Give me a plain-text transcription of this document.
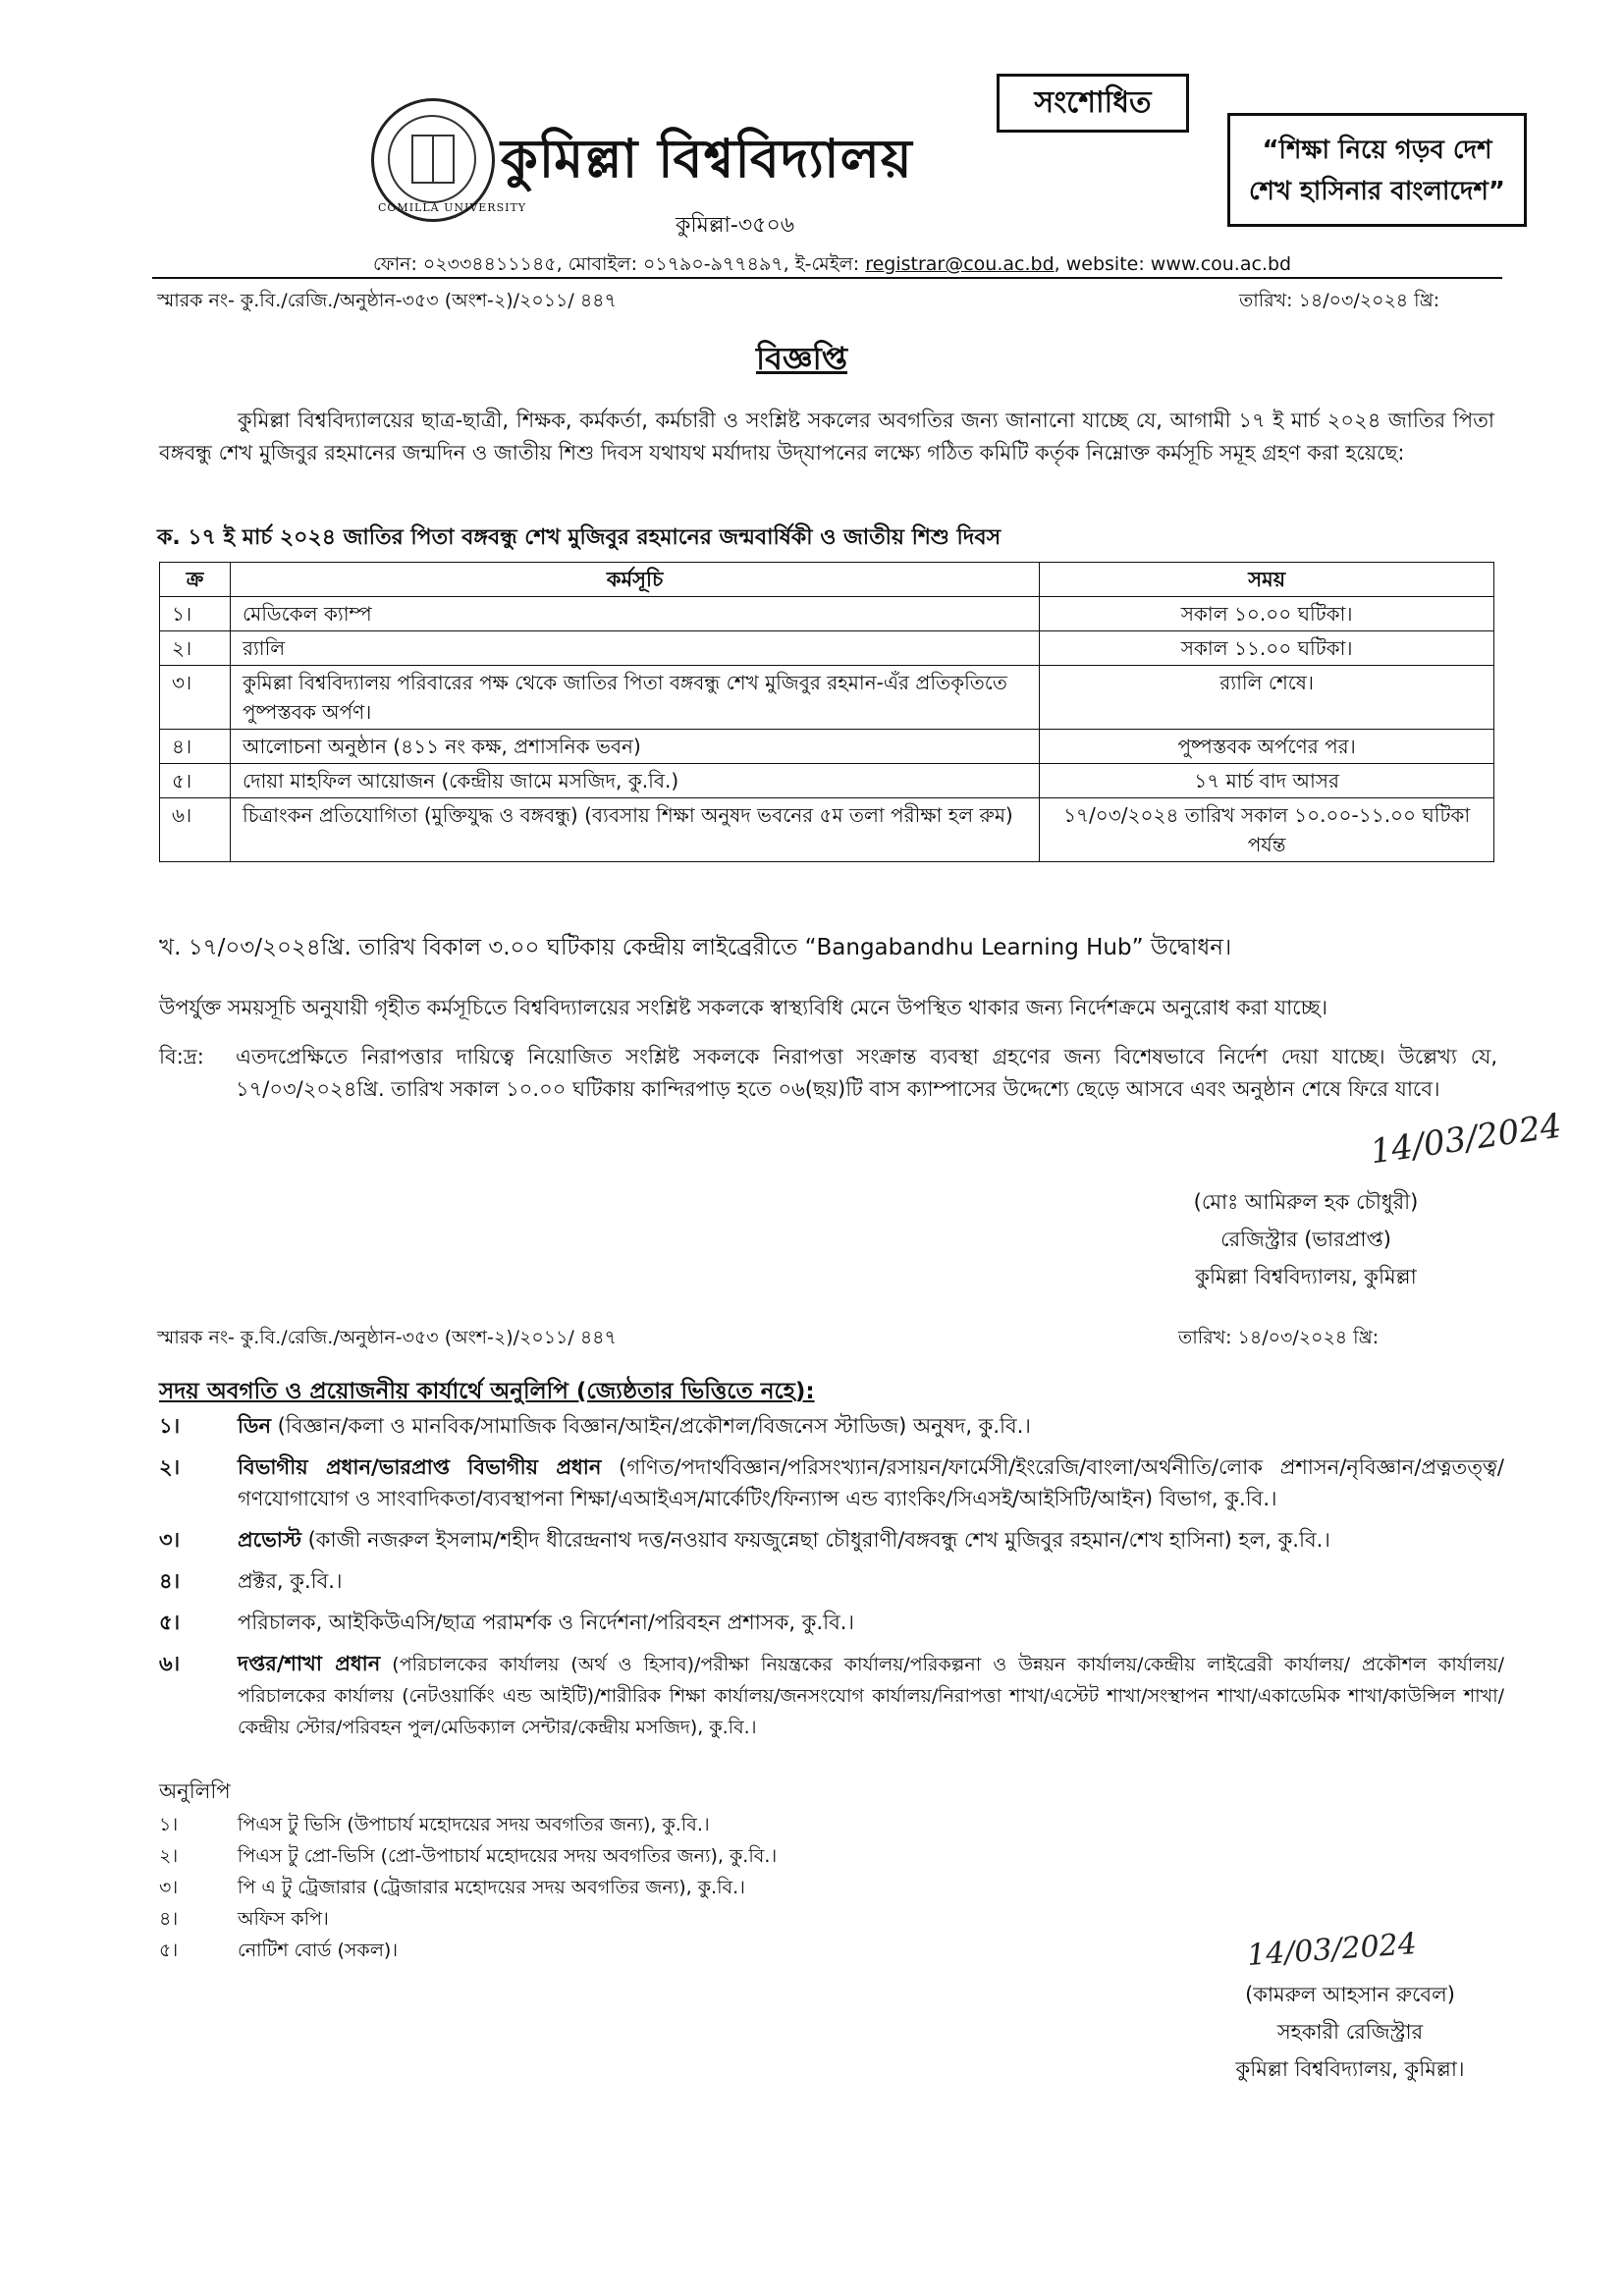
COMILLA UNIVERSITY
কুমিল্লা বিশ্ববিদ্যালয়
সংশোধিত
“শিক্ষা নিয়ে গড়ব দেশ
শেখ হাসিনার বাংলাদেশ”
কুমিল্লা-৩৫০৬
ফোন: ০২৩৩৪৪১১১৪৫, মোবাইল: ০১৭৯০-৯৭৭৪৯৭, ই-মেইল: registrar@cou.ac.bd, website: www.cou.ac.bd
স্মারক নং- কু.বি./রেজি./অনুষ্ঠান-৩৫৩ (অংশ-২)/২০১১/ ৪৪৭	তারিখ: ১৪/০৩/২০২৪ খ্রি:
বিজ্ঞপ্তি

কুমিল্লা বিশ্ববিদ্যালয়ের ছাত্র-ছাত্রী, শিক্ষক, কর্মকর্তা, কর্মচারী ও সংশ্লিষ্ট সকলের অবগতির জন্য জানানো যাচ্ছে যে, আগামী ১৭ ই মার্চ ২০২৪ জাতির পিতা বঙ্গবন্ধু শেখ মুজিবুর রহমানের জন্মদিন ও জাতীয় শিশু দিবস যথাযথ মর্যাদায় উদ্‌যাপনের লক্ষ্যে গঠিত কমিটি কর্তৃক নিম্নোক্ত কর্মসূচি সমূহ গ্রহণ করা হয়েছে:

ক. ১৭ ই মার্চ ২০২৪ জাতির পিতা বঙ্গবন্ধু শেখ মুজিবুর রহমানের জন্মবার্ষিকী ও জাতীয় শিশু দিবস
ক্র	কর্মসূচি	সময়
১।	মেডিকেল ক্যাম্প	সকাল ১০.০০ ঘটিকা।
২।	র‍্যালি	সকাল ১১.০০ ঘটিকা।
৩।	কুমিল্লা বিশ্ববিদ্যালয় পরিবারের পক্ষ থেকে জাতির পিতা বঙ্গবন্ধু শেখ মুজিবুর রহমান-এঁর প্রতিকৃতিতে পুষ্পস্তবক অর্পণ।	র‍্যালি শেষে।
৪।	আলোচনা অনুষ্ঠান (৪১১ নং কক্ষ, প্রশাসনিক ভবন)	পুষ্পস্তবক অর্পণের পর।
৫।	দোয়া মাহফিল আয়োজন (কেন্দ্রীয় জামে মসজিদ, কু.বি.)	১৭ মার্চ বাদ আসর
৬।	চিত্রাংকন প্রতিযোগিতা (মুক্তিযুদ্ধ ও বঙ্গবন্ধু) (ব্যবসায় শিক্ষা অনুষদ ভবনের ৫ম তলা পরীক্ষা হল রুম)	১৭/০৩/২০২৪ তারিখ সকাল ১০.০০-১১.০০ ঘটিকা পর্যন্ত
খ. ১৭/০৩/২০২৪খ্রি. তারিখ বিকাল ৩.০০ ঘটিকায় কেন্দ্রীয় লাইব্রেরীতে “Bangabandhu Learning Hub” উদ্বোধন।
উপর্যুক্ত সময়সূচি অনুযায়ী গৃহীত কর্মসূচিতে বিশ্ববিদ্যালয়ের সংশ্লিষ্ট সকলকে স্বাস্থ্যবিধি মেনে উপস্থিত থাকার জন্য নির্দেশক্রমে অনুরোধ করা যাচ্ছে।
বি:দ্র: এতদপ্রেক্ষিতে নিরাপত্তার দায়িত্বে নিয়োজিত সংশ্লিষ্ট সকলকে নিরাপত্তা সংক্রান্ত ব্যবস্থা গ্রহণের জন্য বিশেষভাবে নির্দেশ দেয়া যাচ্ছে। উল্লেখ্য যে, ১৭/০৩/২০২৪খ্রি. তারিখ সকাল ১০.০০ ঘটিকায় কান্দিরপাড় হতে ০৬(ছয়)টি বাস ক্যাম্পাসের উদ্দেশ্যে ছেড়ে আসবে এবং অনুষ্ঠান শেষে ফিরে যাবে।

14/03/2024
(মোঃ আমিরুল হক চৌধুরী)
রেজিস্ট্রার (ভারপ্রাপ্ত)
কুমিল্লা বিশ্ববিদ্যালয়, কুমিল্লা
স্মারক নং- কু.বি./রেজি./অনুষ্ঠান-৩৫৩ (অংশ-২)/২০১১/ ৪৪৭	তারিখ: ১৪/০৩/২০২৪ খ্রি:
সদয় অবগতি ও প্রয়োজনীয় কার্যার্থে অনুলিপি (জ্যেষ্ঠতার ভিত্তিতে নহে):
১।	ডিন (বিজ্ঞান/কলা ও মানবিক/সামাজিক বিজ্ঞান/আইন/প্রকৌশল/বিজনেস স্টাডিজ) অনুষদ, কু.বি.।
২।	বিভাগীয় প্রধান/ভারপ্রাপ্ত বিভাগীয় প্রধান (গণিত/পদার্থবিজ্ঞান/পরিসংখ্যান/রসায়ন/ফার্মেসী/ইংরেজি/বাংলা/অর্থনীতি/লোক প্রশাসন/নৃবিজ্ঞান/প্রত্নতত্ত্ব/গণযোগাযোগ ও সাংবাদিকতা/ব্যবস্থাপনা শিক্ষা/এআইএস/মার্কেটিং/ফিন্যান্স এন্ড ব্যাংকিং/সিএসই/আইসিটি/আইন) বিভাগ, কু.বি.।
৩।	প্রভোস্ট (কাজী নজরুল ইসলাম/শহীদ ধীরেন্দ্রনাথ দত্ত/নওয়াব ফয়জুন্নেছা চৌধুরাণী/বঙ্গবন্ধু শেখ মুজিবুর রহমান/শেখ হাসিনা) হল, কু.বি.।
৪।	প্রক্টর, কু.বি.।
৫।	পরিচালক, আইকিউএসি/ছাত্র পরামর্শক ও নির্দেশনা/পরিবহন প্রশাসক, কু.বি.।
৬।	দপ্তর/শাখা প্রধান (পরিচালকের কার্যালয় (অর্থ ও হিসাব)/পরীক্ষা নিয়ন্ত্রকের কার্যালয়/পরিকল্পনা ও উন্নয়ন কার্যালয়/কেন্দ্রীয় লাইব্রেরী কার্যালয়/ প্রকৌশল কার্যালয়/পরিচালকের কার্যালয় (নেটওয়ার্কিং এন্ড আইটি)/শারীরিক শিক্ষা কার্যালয়/জনসংযোগ কার্যালয়/নিরাপত্তা শাখা/এস্টেট শাখা/সংস্থাপন শাখা/একাডেমিক শাখা/কাউন্সিল শাখা/কেন্দ্রীয় স্টোর/পরিবহন পুল/মেডিক্যাল সেন্টার/কেন্দ্রীয় মসজিদ), কু.বি.।
অনুলিপি
১।	পিএস টু ভিসি (উপাচার্য মহোদয়ের সদয় অবগতির জন্য), কু.বি.।
২।	পিএস টু প্রো-ভিসি (প্রো-উপাচার্য মহোদয়ের সদয় অবগতির জন্য), কু.বি.।
৩।	পি এ টু ট্রেজারার (ট্রেজারার মহোদয়ের সদয় অবগতির জন্য), কু.বি.।
৪।	অফিস কপি।
৫।	নোটিশ বোর্ড (সকল)।	14/03/2024
(কামরুল আহসান রুবেল)
সহকারী রেজিস্ট্রার
কুমিল্লা বিশ্ববিদ্যালয়, কুমিল্লা।
